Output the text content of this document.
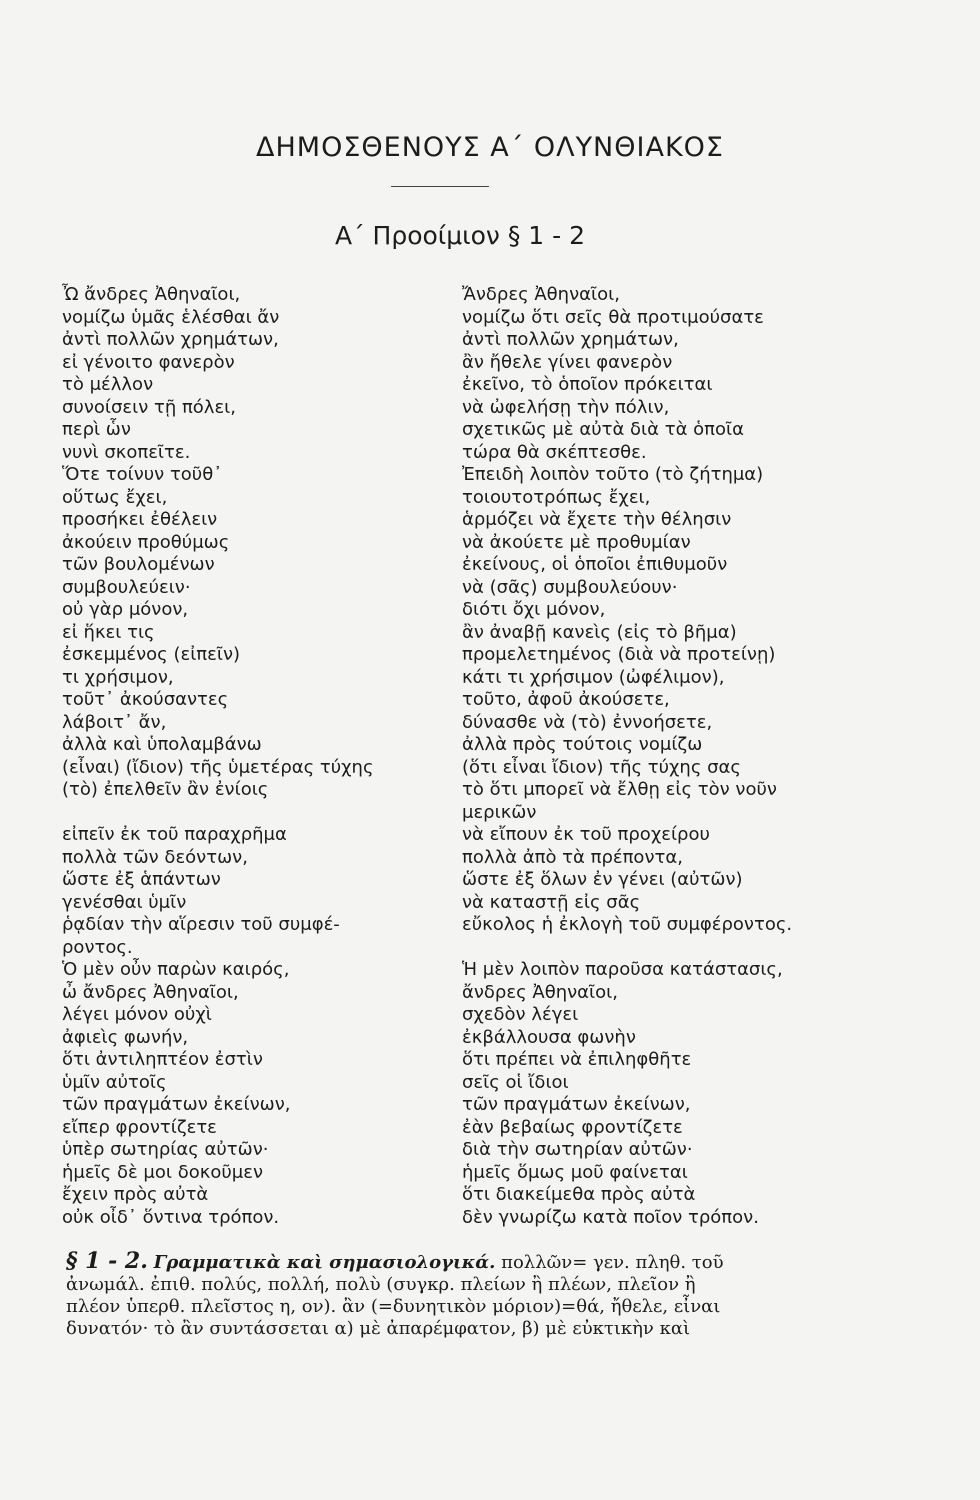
ΔΗΜΟΣΘΕΝΟΥΣ Α΄ ΟΛΥΝΘΙΑΚΟΣ
Α΄ Προοίμιον § 1 - 2
Ὦ ἄνδρες Ἀθηναῖοι,
νομίζω ὑμᾶς ἑλέσθαι ἄν
ἀντὶ πολλῶν χρημάτων,
εἰ γένοιτο φανερὸν
τὸ μέλλον
συνοίσειν τῇ πόλει,
περὶ ὧν
νυνὶ σκοπεῖτε.
Ὅτε τοίνυν τοῦθ᾽
οὕτως ἔχει,
προσήκει ἐθέλειν
ἀκούειν προθύμως
τῶν βουλομένων
συμβουλεύειν·
οὐ γὰρ μόνον,
εἰ ἥκει τις
ἐσκεμμένος (εἰπεῖν)
τι χρήσιμον,
τοῦτ᾽ ἀκούσαντες
λάβοιτ᾽ ἄν,
ἀλλὰ καὶ ὑπολαμβάνω
(εἶναι) (ἴδιον) τῆς ὑμετέρας τύχης
(τὸ) ἐπελθεῖν ἂν ἐνίοις
εἰπεῖν ἐκ τοῦ παραχρῆμα
πολλὰ τῶν δεόντων,
ὥστε ἐξ ἁπάντων
γενέσθαι ὑμῖν
ῥᾳδίαν τὴν αἵρεσιν τοῦ συμφέ-
ροντος.
Ὁ μὲν οὖν παρὼν καιρός,
ὦ ἄνδρες Ἀθηναῖοι,
λέγει μόνον οὐχὶ
ἀφιεὶς φωνήν,
ὅτι ἀντιληπτέον ἐστὶν
ὑμῖν αὐτοῖς
τῶν πραγμάτων ἐκείνων,
εἴπερ φροντίζετε
ὑπὲρ σωτηρίας αὐτῶν·
ἡμεῖς δὲ μοι δοκοῦμεν
ἔχειν πρὸς αὐτὰ
οὐκ οἶδ᾽ ὅντινα τρόπον.
Ἄνδρες Ἀθηναῖοι,
νομίζω ὅτι σεῖς θὰ προτιμούσατε
ἀντὶ πολλῶν χρημάτων,
ἂν ἤθελε γίνει φανερὸν
ἐκεῖνο, τὸ ὁποῖον πρόκειται
νὰ ὠφελήσῃ τὴν πόλιν,
σχετικῶς μὲ αὐτὰ διὰ τὰ ὁποῖα
τώρα θὰ σκέπτεσθε.
Ἐπειδὴ λοιπὸν τοῦτο (τὸ ζήτημα)
τοιουτοτρόπως ἔχει,
ἁρμόζει νὰ ἔχετε τὴν θέλησιν
νὰ ἀκούετε μὲ προθυμίαν
ἐκείνους, οἱ ὁποῖοι ἐπιθυμοῦν
νὰ (σᾶς) συμβουλεύουν·
διότι ὄχι μόνον,
ἂν ἀναβῇ κανεὶς (εἰς τὸ βῆμα)
προμελετημένος (διὰ νὰ προτείνῃ)
κάτι τι χρήσιμον (ὠφέλιμον),
τοῦτο, ἀφοῦ ἀκούσετε,
δύνασθε νὰ (τὸ) ἐννοήσετε,
ἀλλὰ πρὸς τούτοις νομίζω
(ὅτι εἶναι ἴδιον) τῆς τύχης σας
τὸ ὅτι μπορεῖ νὰ ἔλθῃ εἰς τὸν νοῦν
μερικῶν
νὰ εἴπουν ἐκ τοῦ προχείρου
πολλὰ ἀπὸ τὰ πρέποντα,
ὥστε ἐξ ὅλων ἐν γένει (αὐτῶν)
νὰ καταστῇ εἰς σᾶς
εὔκολος ἡ ἐκλογὴ τοῦ συμφέροντος.
Ἡ μὲν λοιπὸν παροῦσα κατάστασις,
ἄνδρες Ἀθηναῖοι,
σχεδὸν λέγει
ἐκβάλλουσα φωνὴν
ὅτι πρέπει νὰ ἐπιληφθῆτε
σεῖς οἱ ἴδιοι
τῶν πραγμάτων ἐκείνων,
ἐὰν βεβαίως φροντίζετε
διὰ τὴν σωτηρίαν αὐτῶν·
ἡμεῖς ὅμως μοῦ φαίνεται
ὅτι διακείμεθα πρὸς αὐτὰ
δὲν γνωρίζω κατὰ ποῖον τρόπον.

§ 1 - 2. Γραμματικὰ καὶ σημασιολογικά. πολλῶν= γεν. πληθ. τοῦ

ἀνωμάλ. ἐπιθ. πολύς, πολλή, πολὺ (συγκρ. πλείων ἢ πλέων, πλεῖον ἢ

πλέον ὑπερθ. πλεῖστος η, ον). ἂν (=δυνητικὸν μόριον)=θά, ἤθελε, εἶναι

δυνατόν· τὸ ἂν συντάσσεται α) μὲ ἀπαρέμφατον, β) μὲ εὐκτικὴν καὶ
